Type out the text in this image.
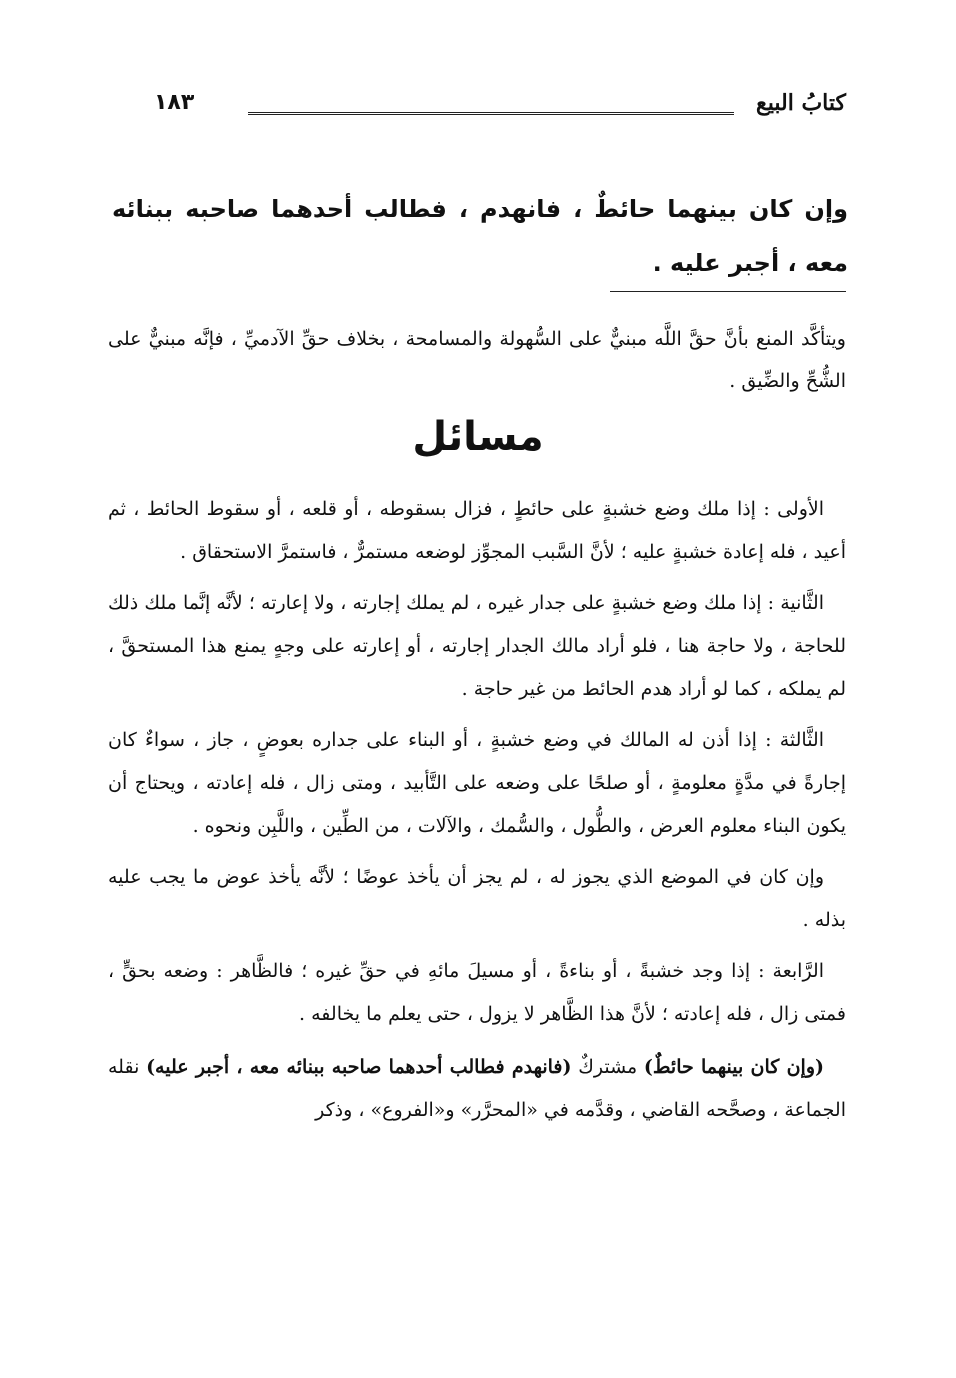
كتابُ البيع
١٨٣
وإن كان بينهما حائطٌ ، فانهدم ، فطالب أحدهما صاحبه ببنائه معه ، أجبر عليه .
ويتأكَّد المنع بأنَّ حقَّ اللَّه مبنيٌّ على السُّهولة والمسامحة ، بخلاف حقِّ الآدميِّ ، فإنَّه مبنيٌّ على الشُّحِّ والضِّيق .
مسائل

الأولى : إذا ملك وضع خشبةٍ على حائطٍ ، فزال بسقوطه ، أو قلعه ، أو سقوط الحائط ، ثم أعيد ، فله إعادة خشبةٍ عليه ؛ لأنَّ السَّبب المجوِّز لوضعه مستمرٌّ ، فاستمرَّ الاستحقاق .

الثَّانية : إذا ملك وضع خشبةٍ على جدار غيره ، لم يملك إجارته ، ولا إعارته ؛ لأنَّه إنَّما ملك ذلك للحاجة ، ولا حاجة هنا ، فلو أراد مالك الجدار إجارته ، أو إعارته على وجهٍ يمنع هذا المستحقَّ ، لم يملكه ، كما لو أراد هدم الحائط من غير حاجة .

الثَّالثة : إذا أذن له المالك في وضع خشبةٍ ، أو البناء على جداره بعوضٍ ، جاز ، سواءٌ كان إجارةً في مدَّةٍ معلومةٍ ، أو صلحًا على وضعه على التَّأبيد ، ومتى زال ، فله إعادته ، ويحتاج أن يكون البناء معلوم العرض ، والطُّول ، والسُّمك ، والآلات ، من الطِّين ، واللَّبِن ونحوه .

وإن كان في الموضع الذي يجوز له ، لم يجز أن يأخذ عوضًا ؛ لأنَّه يأخذ عوض ما يجب عليه بذله .

الرَّابعة : إذا وجد خشبةً ، أو بناءةً ، أو مسيلَ مائهِ في حقِّ غيره ؛ فالظَّاهر : وضعه بحقٍّ ، فمتى زال ، فله إعادته ؛ لأنَّ هذا الظَّاهر لا يزول ، حتى يعلم ما يخالفه .

(وإن كان بينهما حائطٌ) مشتركٌ (فانهدم فطالب أحدهما صاحبه ببنائه معه ، أجبر عليه) نقله الجماعة ، وصحَّحه القاضي ، وقدَّمه في «المحرَّر» و«الفروع» ، وذكر
